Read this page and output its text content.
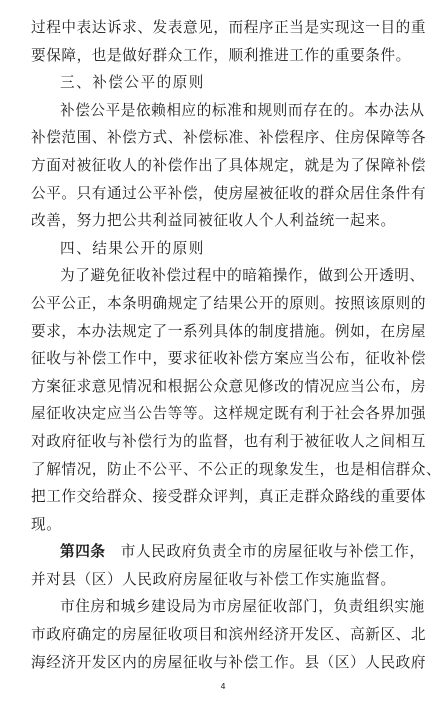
过程中表达诉求、发表意见，而程序正当是实现这一目的重
要保障，也是做好群众工作，顺利推进工作的重要条件。
三、补偿公平的原则
补偿公平是依赖相应的标准和规则而存在的。本办法从
补偿范围、补偿方式、补偿标准、补偿程序、住房保障等各
方面对被征收人的补偿作出了具体规定，就是为了保障补偿
公平。只有通过公平补偿，使房屋被征收的群众居住条件有
改善，努力把公共利益同被征收人个人利益统一起来。
四、结果公开的原则
为了避免征收补偿过程中的暗箱操作，做到公开透明、
公平公正，本条明确规定了结果公开的原则。按照该原则的
要求，本办法规定了一系列具体的制度措施。例如，在房屋
征收与补偿工作中，要求征收补偿方案应当公布，征收补偿
方案征求意见情况和根据公众意见修改的情况应当公布，房
屋征收决定应当公告等等。这样规定既有利于社会各界加强
对政府征收与补偿行为的监督，也有利于被征收人之间相互
了解情况，防止不公平、不公正的现象发生，也是相信群众、
把工作交给群众、接受群众评判，真正走群众路线的重要体
现。
第四条　市人民政府负责全市的房屋征收与补偿工作，
并对县（区）人民政府房屋征收与补偿工作实施监督。
市住房和城乡建设局为市房屋征收部门，负责组织实施
市政府确定的房屋征收项目和滨州经济开发区、高新区、北
海经济开发区内的房屋征收与补偿工作。县（区）人民政府
4
